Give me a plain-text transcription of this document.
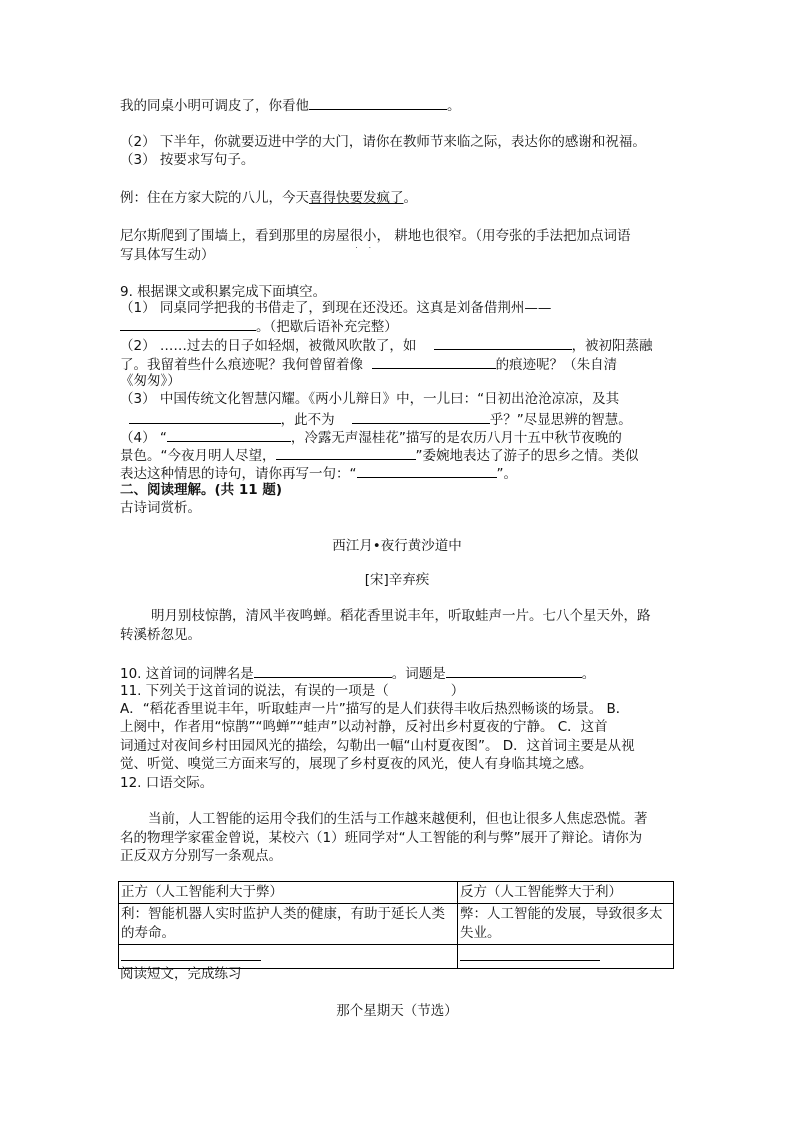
我的同桌小明可调皮了，你看他	。
（2） 下半年，你就要迈进中学的大门，请你在教师节来临之际，表达你的感谢和祝福。
（3） 按要求写句子。
例：住在方家大院的八儿，今天喜得快要发疯了。
尼尔斯爬到了围墙上，看到那里的房屋很小， 耕地也很窄。（用夸张的手法把加点词语
写具体写生动）
9. 根据课文或积累完成下面填空。
（1） 同桌同学把我的书借走了，到现在还没还。这真是刘备借荆州——
。（把歇后语补充完整）
（2） ……过去的日子如轻烟，被微风吹散了，如	，被初阳蒸融
了。我留着些什么痕迹呢？我何曾留着像	的痕迹呢？（朱自清
《匆匆》）
（3） 中国传统文化智慧闪耀。《两小儿辩日》中，一儿曰：“日初出沧沧凉凉，及其
，此不为	乎？”尽显思辨的智慧。
（4） “	，冷露无声湿桂花”描写的是农历八月十五中秋节夜晚的
景色。“今夜月明人尽望，	”委婉地表达了游子的思乡之情。类似
表达这种情思的诗句，请你再写一句：“	”。
二、阅读理解。(共 11 题)
古诗词赏析。
西江月•夜行黄沙道中
[宋]辛弃疾
明月别枝惊鹊，清风半夜鸣蝉。稻花香里说丰年，听取蛙声一片。七八个星天外，路
转溪桥忽见。
10. 这首词的词牌名是	。词题是	。
11. 下列关于这首词的说法，有误的一项是（	）
A．“稻花香里说丰年，听取蛙声一片”描写的是人们获得丰收后热烈畅谈的场景。 B．
上阕中，作者用“惊鹊”“鸣蝉”“蛙声”以动衬静，反衬出乡村夏夜的宁静。 C．这首
词通过对夜间乡村田园风光的描绘，勾勒出一幅“山村夏夜图”。 D．这首词主要是从视
觉、听觉、嗅觉三方面来写的，展现了乡村夏夜的风光，使人有身临其境之感。
12. 口语交际。
当前，人工智能的运用令我们的生活与工作越来越便利，但也让很多人焦虑恐慌。著
名的物理学家霍金曾说，某校六（1）班同学对“人工智能的利与弊”展开了辩论。请你为
正反双方分别写一条观点。
正方（人工智能利大于弊）	反方（人工智能弊大于利）
利：智能机器人实时监护人类的健康，有助于延长人类的寿命。	弊：人工智能的发展，导致很多太失业。

阅读短文，完成练习
那个星期天（节选）
